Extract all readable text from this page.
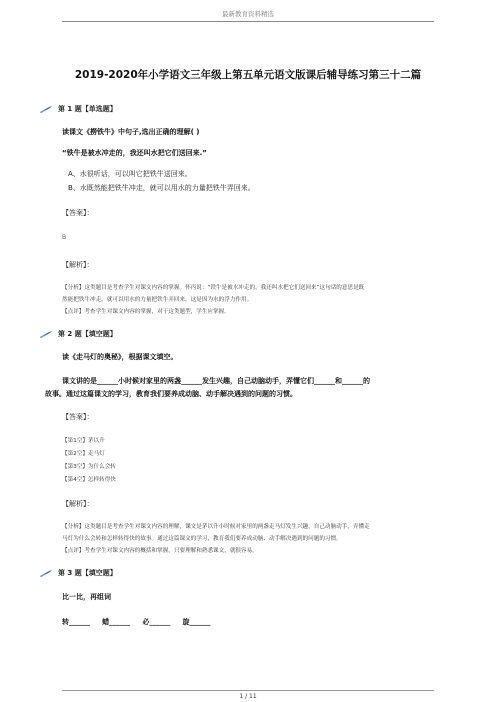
最新教育资料精选
2019-2020年小学语文三年级上第五单元语文版课后辅导练习第三十二篇
第 1 题【单选题】
读课文《撈铁牛》中句子,选出正确的理解( )
“铁牛是被水冲走的，我还叫水把它们送回来.”
A、水很听话，可以叫它把铁牛送回来。
B、水既然能把铁牛冲走，就可以用水的力量把铁牛弄回来。
【答案】：
B
【解析】：
【分析】这类题目是考查学生对课文内容的掌握。怀丙说：“铁牛是被水冲走的，我还叫水把它们送回来”这句话的意思是既
然能把铁牛冲走，就可以用水的力量把铁牛弄回来，这是因为水的浮力作用。
【点评】考查学生对课文内容的掌握，对于这类题型，学生应掌握。
第 2 题【填空题】
读《走马灯的奥秘》，根据课文填空。
课文讲的是______小时候对家里的两盏______发生兴趣，自己动脑动手，弄懂它们______和______的
故事。通过这篇课文的学习，教育我们要养成动脑、动手解决遇到的问题的习惯。
【答案】：
【第1空】茅以升
【第2空】走马灯
【第3空】为什么会转
【第4空】怎样转得快
【解析】：
【分析】这类题目是考查学生对课文内容的理解，课文是茅以升小时候对家里的两盏走马灯发生兴趣，自己动脑动手，弄懂走
马灯为什么会转和怎样转得快的故事。通过这篇课文的学习，教育我们要养成动脑、动手解决遇到的问题的习惯。
【点评】考查学生对课文内容的概括和掌握，只要理解和熟悉课文，就很容易。
第 3 题【填空题】
比一比，再组词
转______     蜡______     必______     旋______
1 / 11
